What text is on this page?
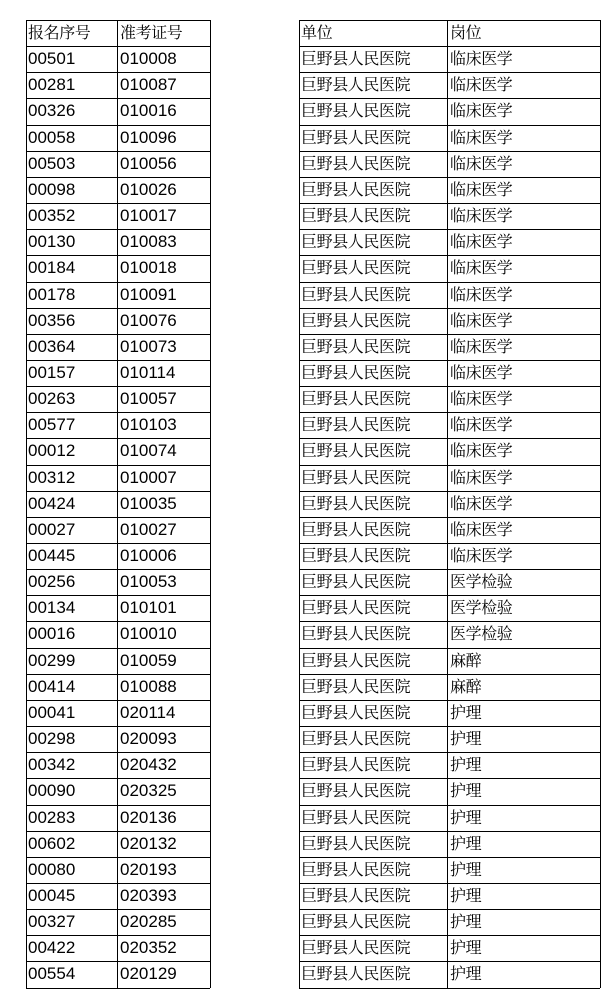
报名序号	准考证号	单位	岗位
00501	010008	巨野县人民医院	临床医学
00281	010087	巨野县人民医院	临床医学
00326	010016	巨野县人民医院	临床医学
00058	010096	巨野县人民医院	临床医学
00503	010056	巨野县人民医院	临床医学
00098	010026	巨野县人民医院	临床医学
00352	010017	巨野县人民医院	临床医学
00130	010083	巨野县人民医院	临床医学
00184	010018	巨野县人民医院	临床医学
00178	010091	巨野县人民医院	临床医学
00356	010076	巨野县人民医院	临床医学
00364	010073	巨野县人民医院	临床医学
00157	010114	巨野县人民医院	临床医学
00263	010057	巨野县人民医院	临床医学
00577	010103	巨野县人民医院	临床医学
00012	010074	巨野县人民医院	临床医学
00312	010007	巨野县人民医院	临床医学
00424	010035	巨野县人民医院	临床医学
00027	010027	巨野县人民医院	临床医学
00445	010006	巨野县人民医院	临床医学
00256	010053	巨野县人民医院	医学检验
00134	010101	巨野县人民医院	医学检验
00016	010010	巨野县人民医院	医学检验
00299	010059	巨野县人民医院	麻醉
00414	010088	巨野县人民医院	麻醉
00041	020114	巨野县人民医院	护理
00298	020093	巨野县人民医院	护理
00342	020432	巨野县人民医院	护理
00090	020325	巨野县人民医院	护理
00283	020136	巨野县人民医院	护理
00602	020132	巨野县人民医院	护理
00080	020193	巨野县人民医院	护理
00045	020393	巨野县人民医院	护理
00327	020285	巨野县人民医院	护理
00422	020352	巨野县人民医院	护理
00554	020129	巨野县人民医院	护理
